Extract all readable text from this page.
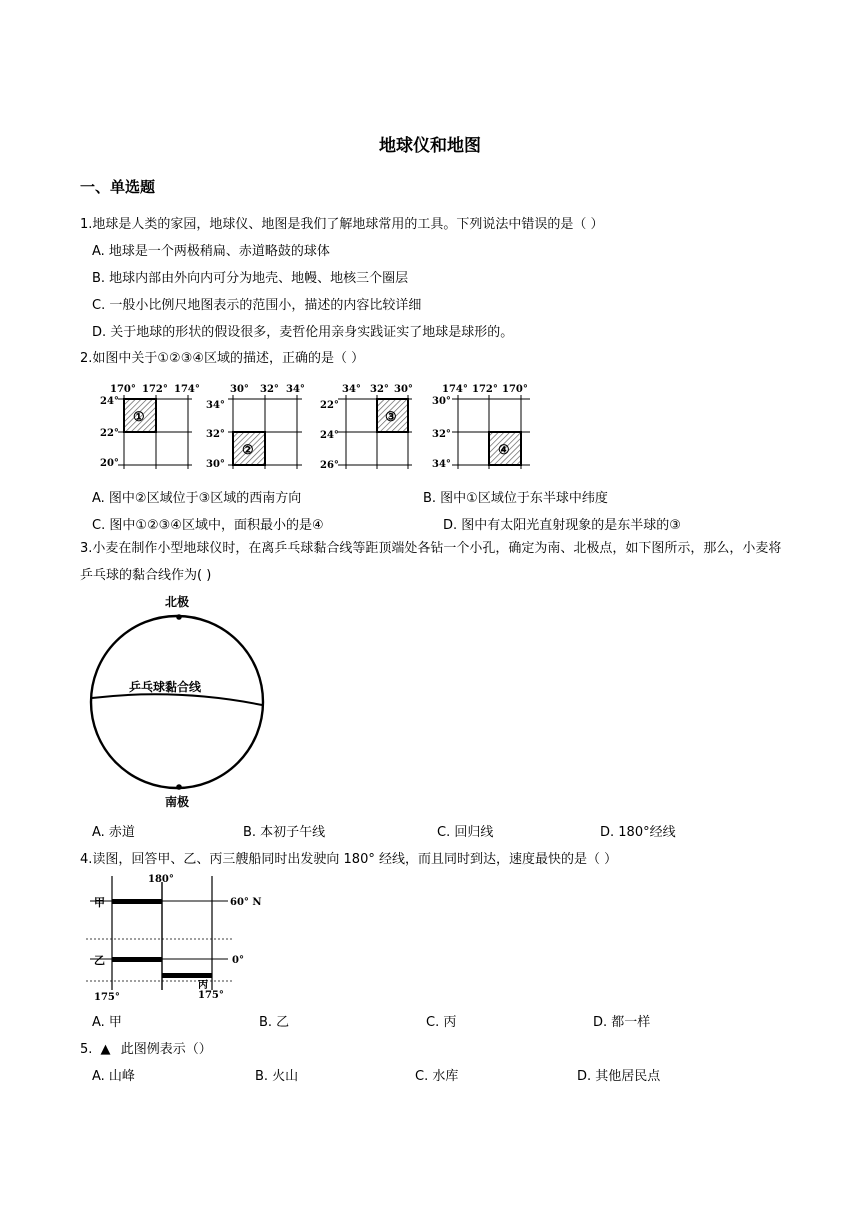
地球仪和地图
一、单选题
1.地球是人类的家园，地球仪、地图是我们了解地球常用的工具。下列说法中错误的是（ ）
A. 地球是一个两极稍扁、赤道略鼓的球体
B. 地球内部由外向内可分为地壳、地幔、地核三个圈层
C. 一般小比例尺地图表示的范围小，描述的内容比较详细
D. 关于地球的形状的假设很多，麦哲伦用亲身实践证实了地球是球形的。
2.如图中关于①②③④区域的描述，正确的是（ ）
170° 172° 174°
24°
22°
20°
①
30° 32° 34°
34°
32°
30°
②
34° 32° 30°
22°
24°
26°
③
174° 172° 170°
30°
32°
34°
④
A. 图中②区域位于③区域的西南方向	B. 图中①区域位于东半球中纬度
C. 图中①②③④区域中，面积最小的是④	D. 图中有太阳光直射现象的是东半球的③
3.小麦在制作小型地球仪时，在离乒乓球黏合线等距顶端处各钻一个小孔，确定为南、北极点，如下图所示，那么，小麦将乒乓球的黏合线作为( )
北极
南极
乒乓球黏合线
A. 赤道	B. 本初子午线	C. 回归线	D. 180°经线
4.读图，回答甲、乙、丙三艘船同时出发驶向 180° 经线，而且同时到达，速度最快的是（ ）
180°
60° N
0°
175°	175°
甲
乙
丙
A. 甲	B. 乙	C. 丙	D. 都一样
5. ▲ 此图例表示（）
A. 山峰	B. 火山	C. 水库	D. 其他居民点
